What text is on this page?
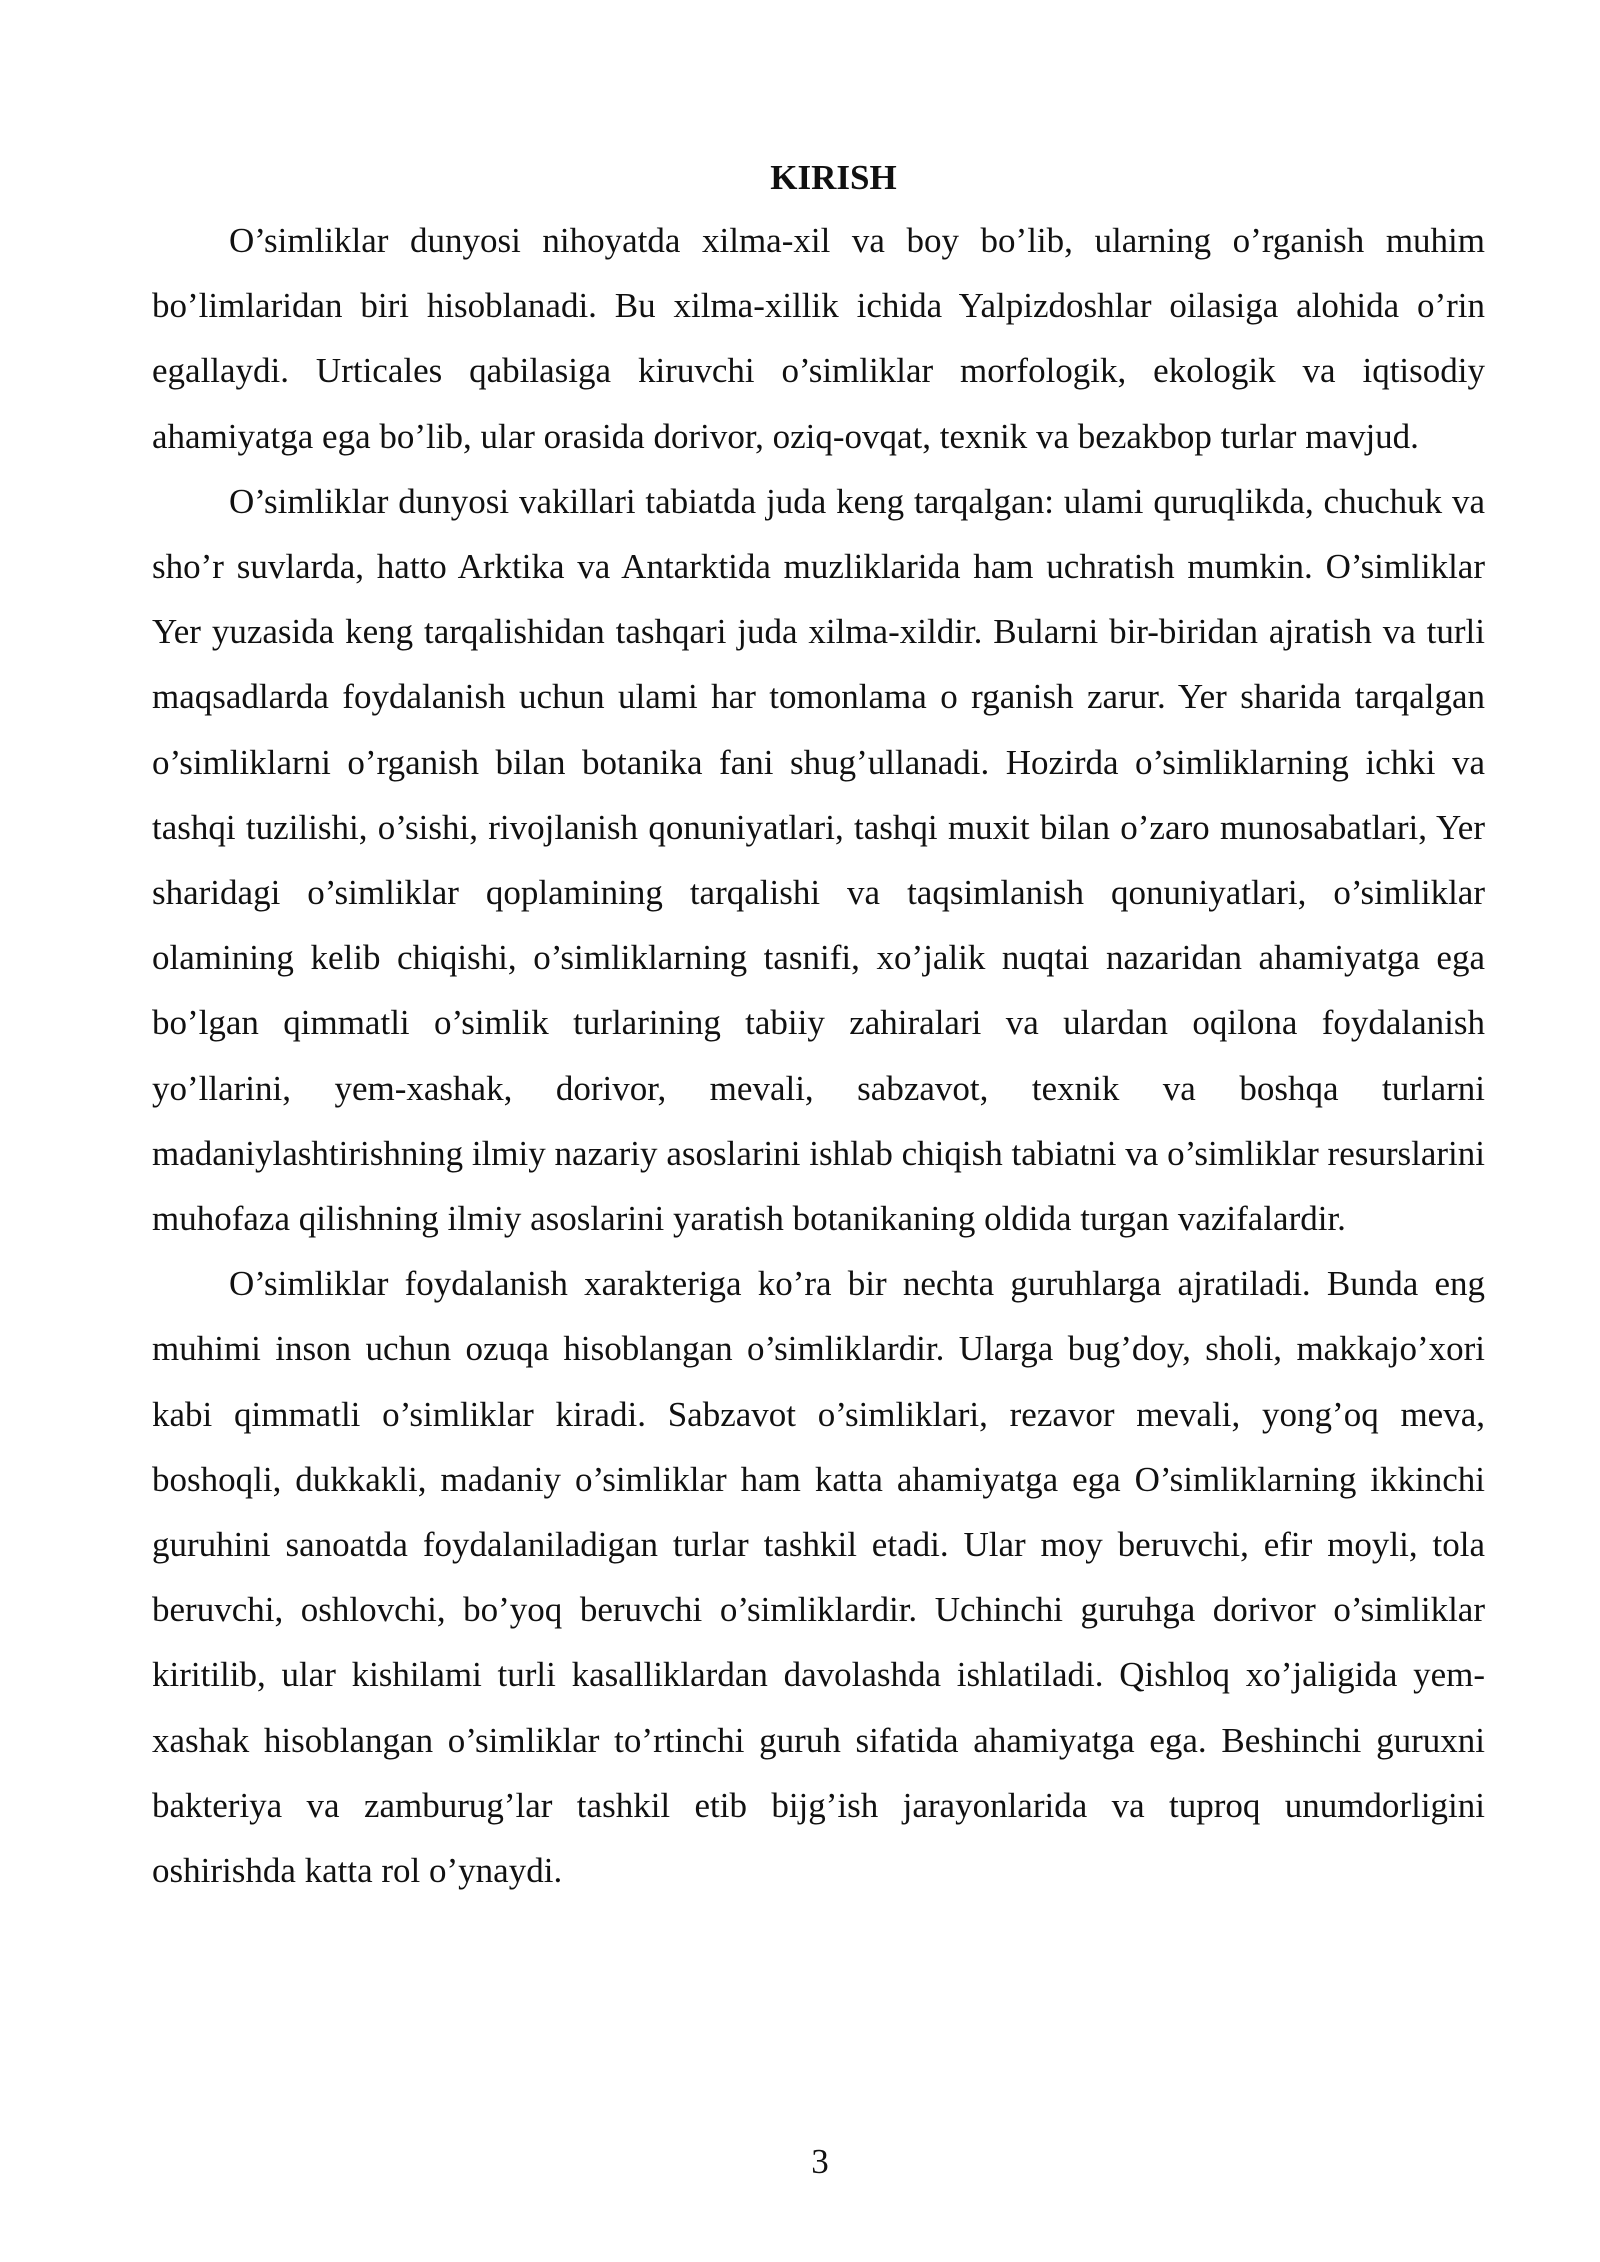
KIRISH

O’simliklar dunyosi nihoyatda xilma-xil va boy bo’lib, ularning o’rganish muhim bo’limlaridan biri hisoblanadi. Bu xilma-xillik ichida Yalpizdoshlar oilasiga alohida o’rin egallaydi. Urticales qabilasiga kiruvchi o’simliklar morfologik, ekologik va iqtisodiy ahamiyatga ega bo’lib, ular orasida dorivor, oziq-ovqat, texnik va bezakbop turlar mavjud.

O’simliklar dunyosi vakillari tabiatda juda keng tarqalgan: ulami quruqlikda, chuchuk va sho’r suvlarda, hatto Arktika va Antarktida muzliklarida ham uchratish mumkin. O’simliklar Yer yuzasida keng tarqalishidan tashqari juda xilma-xildir. Bularni bir-biridan ajratish va turli maqsadlarda foydalanish uchun ulami har tomonlama o rganish zarur. Yer sharida tarqalgan o’simliklarni o’rganish bilan botanika fani shug’ullanadi. Hozirda o’simliklarning ichki va tashqi tuzilishi, o’sishi, rivojlanish qonuniyatlari, tashqi muxit bilan o’zaro munosabatlari, Yer sharidagi o’simliklar qoplamining tarqalishi va taqsimlanish qonuniyatlari, o’simliklar olamining kelib chiqishi, o’simliklarning tasnifi, xo’jalik nuqtai nazaridan ahamiyatga ega bo’lgan qimmatli o’simlik turlarining tabiiy zahiralari va ulardan oqilona foydalanish yo’llarini, yem-xashak, dorivor, mevali, sabzavot, texnik va boshqa turlarni madaniylashtirishning ilmiy nazariy asoslarini ishlab chiqish tabiatni va o’simliklar resurslarini muhofaza qilishning ilmiy asoslarini yaratish botanikaning oldida turgan vazifalardir.

O’simliklar foydalanish xarakteriga ko’ra bir nechta guruhlarga ajratiladi. Bunda eng muhimi inson uchun ozuqa hisoblangan o’simliklardir. Ularga bug’doy, sholi, makkajo’xori kabi qimmatli o’simliklar kiradi. Sabzavot o’simliklari, rezavor mevali, yong’oq meva, boshoqli, dukkakli, madaniy o’simliklar ham katta ahamiyatga ega O’simliklarning ikkinchi guruhini sanoatda foydalaniladigan turlar tashkil etadi. Ular moy beruvchi, efir moyli, tola beruvchi, oshlovchi, bo’yoq beruvchi o’simliklardir. Uchinchi guruhga dorivor o’simliklar kiritilib, ular kishilami turli kasalliklardan davolashda ishlatiladi. Qishloq xo’jaligida yem-xashak hisoblangan o’simliklar to’rtinchi guruh sifatida ahamiyatga ega. Beshinchi guruxni bakteriya va zamburug’lar tashkil etib bijg’ish jarayonlarida va tuproq unumdorligini oshirishda katta rol o’ynaydi.

3
